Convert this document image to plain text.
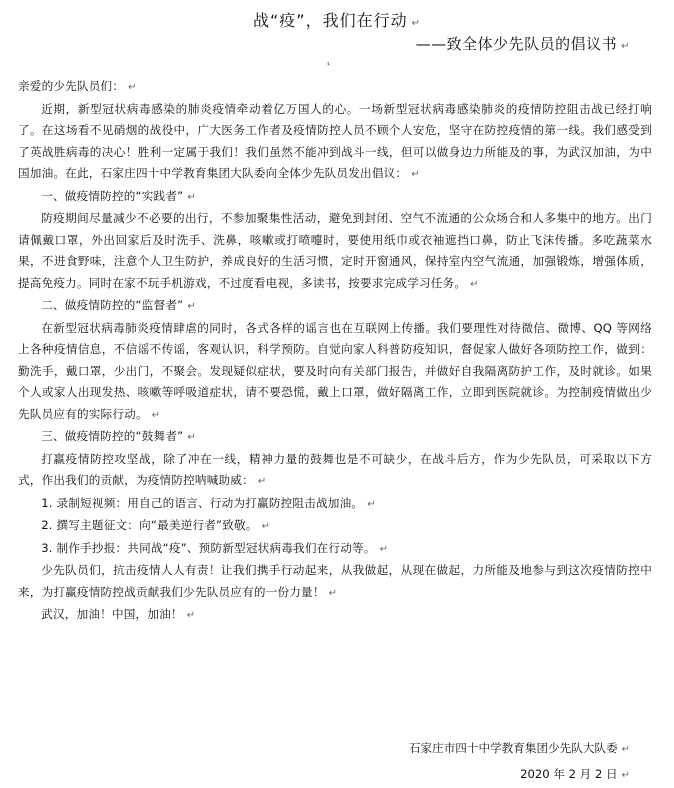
战“疫”，我们在行动 ↵
——致全体少先队员的倡议书 ↵
⸤

亲爱的少先队员们： ↵

近期，新型冠状病毒感染的肺炎疫情牵动着亿万国人的心。一场新型冠状病毒感染肺炎的疫情防控阻击战已经打响了。在这场看不见硝烟的战役中，广大医务工作者及疫情防控人员不顾个人安危，坚守在防控疫情的第一线。我们感受到了英战胜病毒的决心！胜利一定属于我们！我们虽然不能冲到战斗一线，但可以做身边力所能及的事，为武汉加油，为中国加油。在此，石家庄四十中学教育集团大队委向全体少先队员发出倡议： ↵

一、做疫情防控的“实践者” ↵

防疫期间尽量减少不必要的出行，不参加聚集性活动，避免到封闭、空气不流通的公众场合和人多集中的地方。出门请佩戴口罩，外出回家后及时洗手、洗鼻，咳嗽或打喷嚏时，要使用纸巾或衣袖遮挡口鼻，防止飞沫传播。多吃蔬菜水果，不进食野味，注意个人卫生防护，养成良好的生活习惯，定时开窗通风，保持室内空气流通，加强锻炼，增强体质，提高免疫力。同时在家不玩手机游戏，不过度看电视，多读书，按要求完成学习任务。 ↵

二、做疫情防控的“监督者” ↵

在新型冠状病毒肺炎疫情肆虐的同时，各式各样的谣言也在互联网上传播。我们要理性对待微信、微博、QQ 等网络上各种疫情信息，不信谣不传谣，客观认识，科学预防。自觉向家人科普防疫知识，督促家人做好各项防控工作，做到：勤洗手，戴口罩，少出门，不聚会。发现疑似症状，要及时向有关部门报告，并做好自我隔离防护工作，及时就诊。如果个人或家人出现发热、咳嗽等呼吸道症状，请不要恐慌，戴上口罩，做好隔离工作，立即到医院就诊。为控制疫情做出少先队员应有的实际行动。 ↵

三、做疫情防控的“鼓舞者” ↵

打赢疫情防控攻坚战，除了冲在一线，精神力量的鼓舞也是不可缺少，在战斗后方，作为少先队员，可采取以下方式，作出我们的贡献，为疫情防控呐喊助威： ↵

1. 录制短视频：用自己的语言、行动为打赢防控阻击战加油。 ↵

2. 撰写主题征文：向“最美逆行者”致敬。 ↵

3. 制作手抄报：共同战“疫”、预防新型冠状病毒我们在行动等。 ↵

少先队员们，抗击疫情人人有责！让我们携手行动起来，从我做起，从现在做起，力所能及地参与到这次疫情防控中来，为打赢疫情防控战贡献我们少先队员应有的一份力量！ ↵

武汉，加油！中国，加油！ ↵

石家庄市四十中学教育集团少先队大队委 ↵
2020 年 2 月 2 日 ↵
